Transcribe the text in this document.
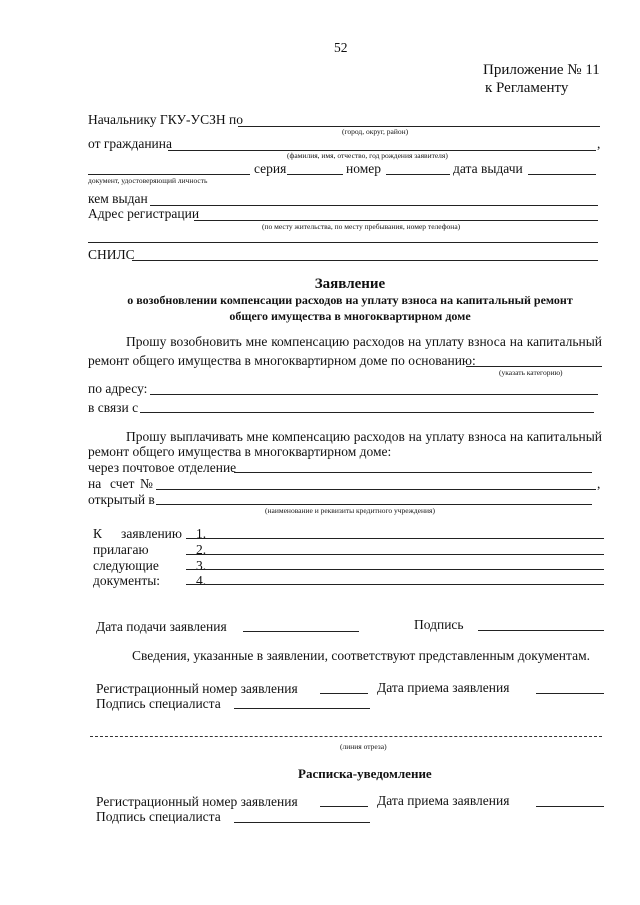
52
Приложение № 11
к Регламенту
Начальнику ГКУ-УСЗН по
(город, округ, район)
от гражданина	,
(фамилия, имя, отчество, год рождения заявителя)
серия	номер	дата выдачи
документ, удостоверяющий личность
кем выдан
Адрес регистрации
(по месту жительства, по месту пребывания, номер телефона)
СНИЛС
Заявление
о возобновлении компенсации расходов на уплату взноса на капитальный ремонт
общего имущества в многоквартирном доме
Прошу возобновить мне компенсацию расходов на уплату взноса на капитальный
ремонт общего имущества в многоквартирном доме по основанию:
(указать категорию)
по адресу:
в связи с
Прошу выплачивать мне компенсацию расходов на уплату взноса на капитальный
ремонт общего имущества в многоквартирном доме:
через почтовое отделение
на счет №	,
открытый в
(наименование и реквизиты кредитного учреждения)
К заявлению
прилагаю
следующие
документы:
1.
2.
3.
4.
Дата подачи заявления	Подпись
Сведения, указанные в заявлении, соответствуют представленным документам.
Регистрационный номер заявления	Дата приема заявления
Подпись специалиста
(линия отреза)
Расписка-уведомление
Регистрационный номер заявления	Дата приема заявления
Подпись специалиста
